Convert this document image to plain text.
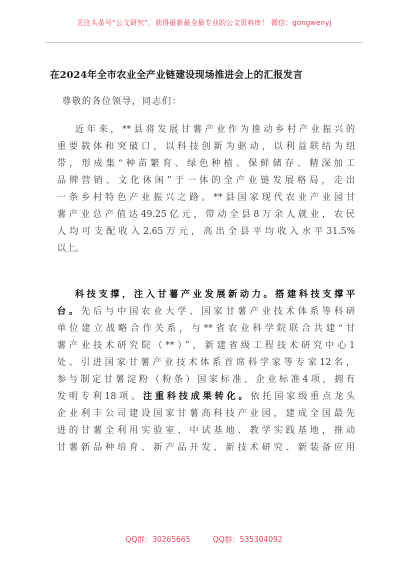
关注头条号“公文研究”，获得最新最全最专业的公文资料库！ 微信：gongwenyj
在2024年全市农业全产业链建设现场推进会上的汇报发言
尊敬的各位领导，同志们：
近年来，**县将发展甘薯产业作为推动乡村产业振兴的
重要载体和突破口，以科技创新为驱动，以利益联结为纽
带，形成集“种苗繁育、绿色种植、保鲜储存、精深加工
品牌营销、文化休闲”于一体的全产业链发展格局，走出
一条乡村特色产业振兴之路。**县国家现代农业产业园甘
薯产业总产值达49.25亿元，带动全县8万余人就业，农民
人均可支配收入2.65万元，高出全县平均收入水平31.5%
以上。
科技支撑，注入甘薯产业发展新动力。搭建科技支撑平
台。先后与中国农业大学、国家甘薯产业技术体系等科研
单位建立战略合作关系，与**省农业科学院联合共建“甘
薯产业技术研究院（**）”，新建省级工程技术研究中心1
处、引进国家甘薯产业技术体系首席科学家等专家12名，
参与制定甘薯淀粉（粉条）国家标准、企业标准4项，拥有
发明专利18项。注重科技成果转化。依托国家级重点龙头
企业利丰公司建设国家甘薯高科技产业园，建成全国最先
进的甘薯全利用实验室、中试基地、教学实践基地，推动
甘薯新品种培育、新产品开发、新技术研究、新装备应用
QQ群：30265665	QQ群：535304092
